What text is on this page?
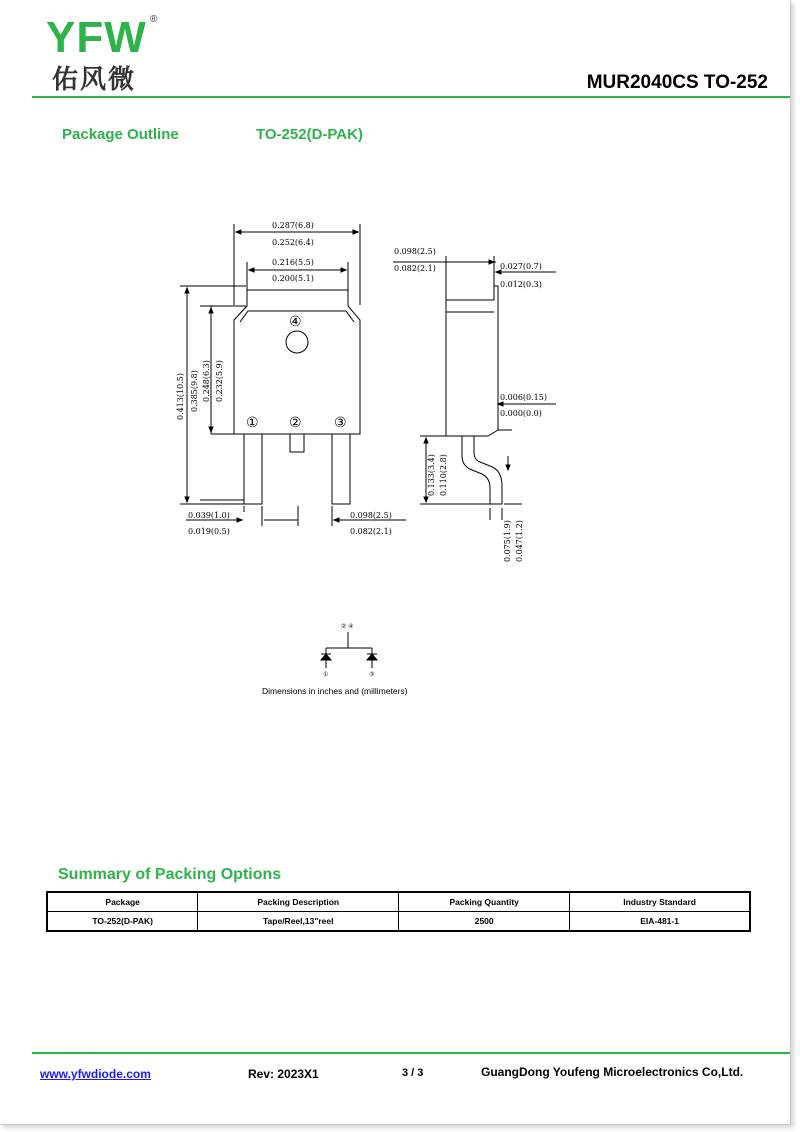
YFW ®
佑风微	MUR2040CS TO-252
Package Outline	TO-252(D-PAK)
0.287(6.8)
0.252(6.4)
0.216(5.5)
0.200(5.1)
0.413(10.5) 0.385(9.8) 0.248(6.3) 0.232(5.9)
0.039(1.0)
0.019(0.5)
0.098(2.5)
0.082(2.1)
0.098(2.5)
0.082(2.1)	0.027(0.7)
0.012(0.3)
0.006(0.15)
0.000(0.0)
0.133(3.4) 0.110(2.8)
0.075(1.9) 0.047(1.2)
④
① ② ③
② ④
①	③
Dimensions in inches and (millimeters)
Summary of Packing Options
Package	Packing Description	Packing Quantity	Industry Standard
TO-252(D-PAK)	Tape/Reel,13"reel	2500	EIA-481-1
www.yfwdiode.com	Rev: 2023X1	3 / 3	GuangDong Youfeng Microelectronics Co,Ltd.
